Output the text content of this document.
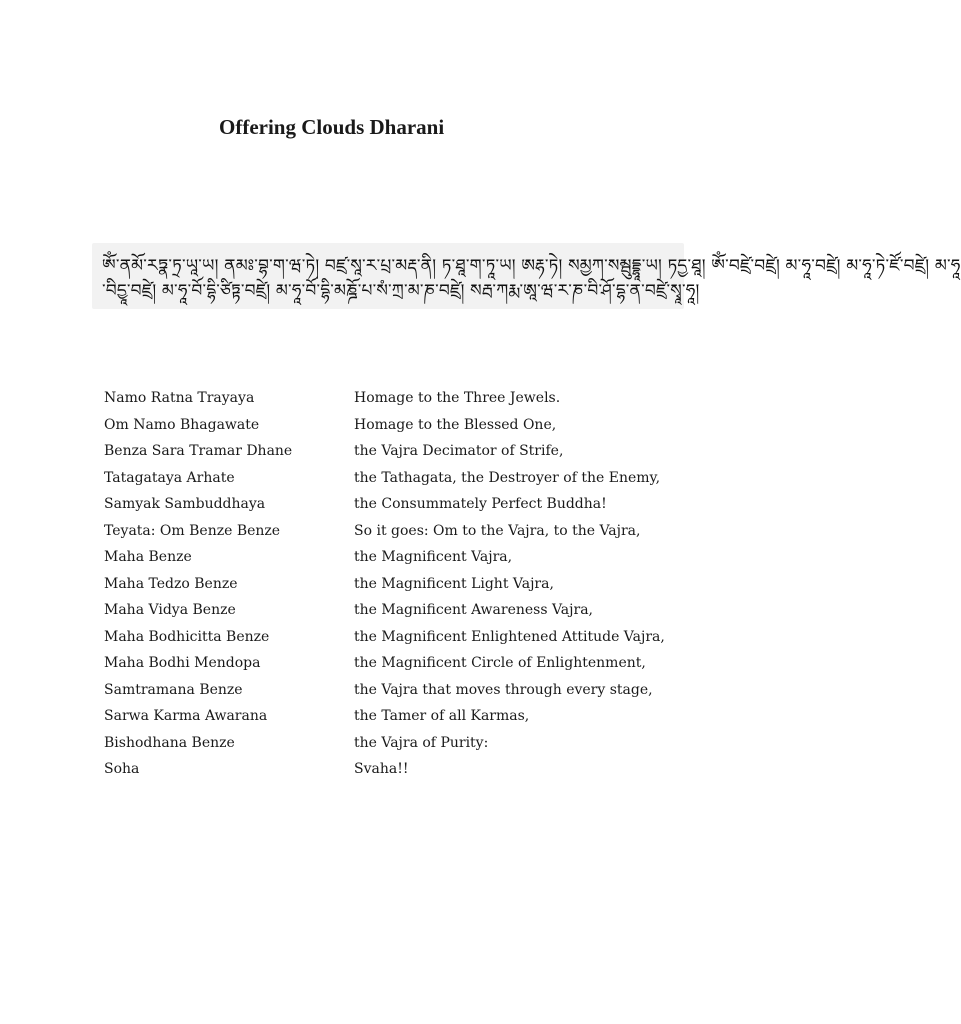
Offering Clouds Dharani
ༀ་ནམོ་རཏྣ་ཏྲ་ཡཱ་ཡ། ནམཿ་བྷ་ག་ཝ་ཏེ། བཛྲ་སཱ་ར་པྲ་མརྡ་ནི། ཏ་ཐཱ་ག་ཏཱ་ཡ། ཨརྷ་ཏེ། སམྱཀ་སམྦུདྡྷཱ་ཡ། ཏདྱ་ཐཱ། ༀ་བཛྲེ་བཛྲེ། མ་ཧཱ་བཛྲེ། མ་ཧཱ་ཏེ་ཛོ་བཛྲེ། མ་ཧཱ
་བིདྱཱ་བཛྲེ། མ་ཧཱ་བོ་དྷི་ཙིཏྟ་བཛྲེ། མ་ཧཱ་བོ་དྷི་མཎྜོ་པ་སཾ་ཀྲ་མ་ཎ་བཛྲེ། སརྦ་ཀརྨ་ཨཱ་ཝ་ར་ཎ་བི་ཤོ་དྷ་ན་བཛྲེ་སྭཱ་ཧཱ།
Namo Ratna Trayaya	Homage to the Three Jewels.
Om Namo Bhagawate	Homage to the Blessed One,
Benza Sara Tramar Dhane	the Vajra Decimator of Strife,
Tatagataya Arhate	the Tathagata, the Destroyer of the Enemy,
Samyak Sambuddhaya	the Consummately Perfect Buddha!
Teyata: Om Benze Benze	So it goes: Om to the Vajra, to the Vajra,
Maha Benze	the Magnificent Vajra,
Maha Tedzo Benze	the Magnificent Light Vajra,
Maha Vidya Benze	the Magnificent Awareness Vajra,
Maha Bodhicitta Benze	the Magnificent Enlightened Attitude Vajra,
Maha Bodhi Mendopa	the Magnificent Circle of Enlightenment,
Samtramana Benze	the Vajra that moves through every stage,
Sarwa Karma Awarana	the Tamer of all Karmas,
Bishodhana Benze	the Vajra of Purity:
Soha	Svaha!!
